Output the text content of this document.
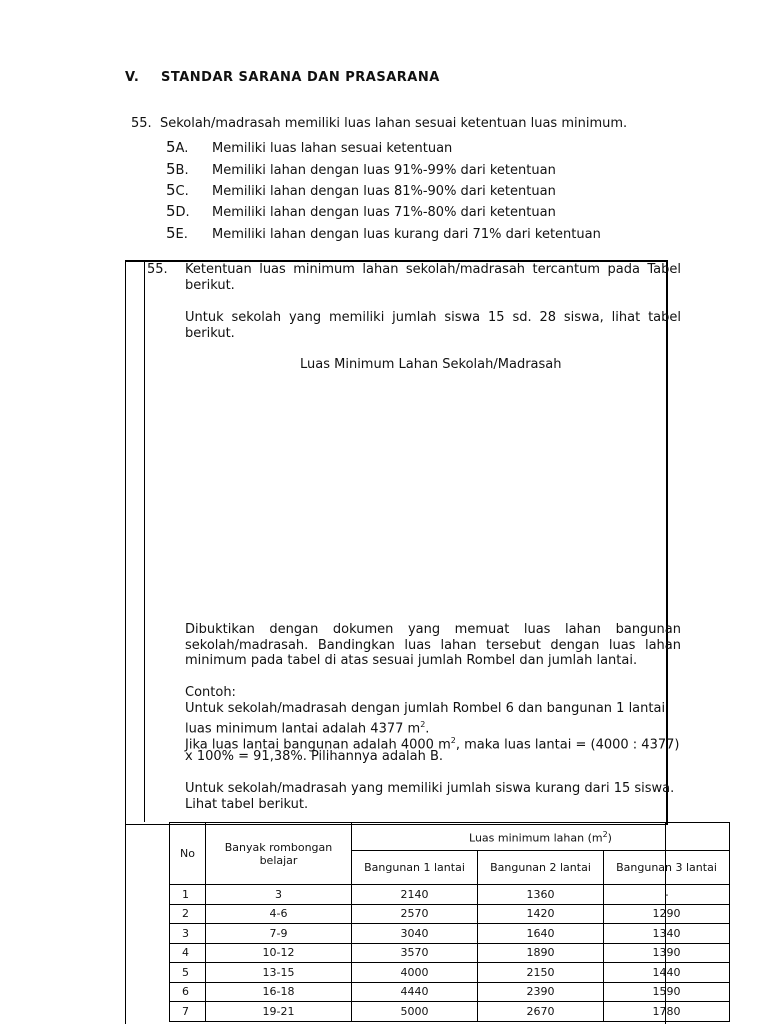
V. STANDAR SARANA DAN PRASARANA
55. Sekolah/madrasah memiliki luas lahan sesuai ketentuan luas minimum.
5A. Memiliki luas lahan sesuai ketentuan
5B. Memiliki lahan dengan luas 91%-99% dari ketentuan
5C. Memiliki lahan dengan luas 81%-90% dari ketentuan
5D. Memiliki lahan dengan luas 71%-80% dari ketentuan
5E. Memiliki lahan dengan luas kurang dari 71% dari ketentuan
55. Ketentuan luas minimum lahan sekolah/madrasah tercantum pada Tabel berikut.
Untuk sekolah yang memiliki jumlah siswa 15 sd. 28 siswa, lihat tabel berikut.
Luas Minimum Lahan Sekolah/Madrasah
Dibuktikan dengan dokumen yang memuat luas lahan bangunan sekolah/madrasah. Bandingkan luas lahan tersebut dengan luas lahan minimum pada tabel di atas sesuai jumlah Rombel dan jumlah lantai.
Contoh:
Untuk sekolah/madrasah dengan jumlah Rombel 6 dan bangunan 1 lantai
luas minimum lantai adalah 4377 $m^2$.
Jika luas lantai bangunan adalah 4000 $m^2$, maka luas lantai = (4000 : 4377)
x 100% = 91,38%. Pilihannya adalah B.
Untuk sekolah/madrasah yang memiliki jumlah siswa kurang dari 15 siswa.
Lihat tabel berikut.
No	Banyak rombongan belajar	Luas minimum lahan $(m^2)$		
		Bangunan 1 lantai	Bangunan 2 lantai	Bangunan 3 lantai
1	3	2140	1360	-
2	4-6	2570	1420	1290
3	7-9	3040	1640	1340
4	10-12	3570	1890	1390
5	13-15	4000	2150	1440
6	16-18	4440	2390	1590
7	19-21	5000	2670	1780
